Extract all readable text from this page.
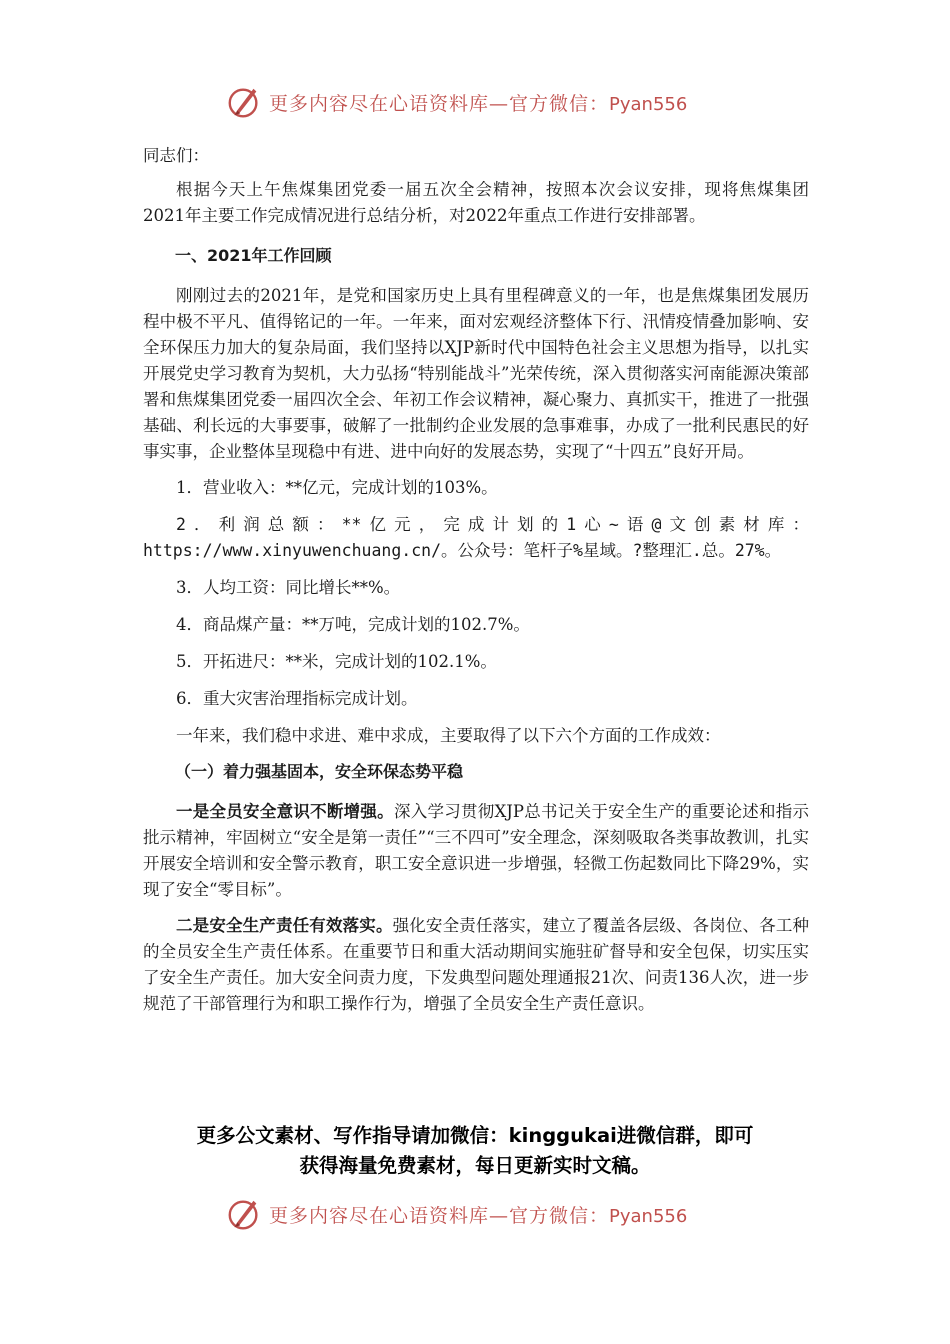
更多内容尽在心语资料库—官方微信：Pyan556

同志们：

根据今天上午焦煤集团党委一届五次全会精神，按照本次会议安排，现将焦煤集团2021年主要工作完成情况进行总结分析，对2022年重点工作进行安排部署。

一、2021年工作回顾

刚刚过去的2021年，是党和国家历史上具有里程碑意义的一年，也是焦煤集团发展历程中极不平凡、值得铭记的一年。一年来，面对宏观经济整体下行、汛情疫情叠加影响、安全环保压力加大的复杂局面，我们坚持以XJP新时代中国特色社会主义思想为指导，以扎实开展党史学习教育为契机，大力弘扬“特别能战斗”光荣传统，深入贯彻落实河南能源决策部署和焦煤集团党委一届四次全会、年初工作会议精神，凝心聚力、真抓实干，推进了一批强基础、利长远的大事要事，破解了一批制约企业发展的急事难事，办成了一批利民惠民的好事实事，企业整体呈现稳中有进、进中向好的发展态势，实现了“十四五”良好开局。

1．营业收入：**亿元，完成计划的103%。

2．利润总额：**亿元，完成计划的1心~语@文创素材库：https://www.xinyuwenchuang.cn/。公众号：笔杆子%星域。?整理汇.总。27%。

3．人均工资：同比增长**%。

4．商品煤产量：**万吨，完成计划的102.7%。

5．开拓进尺：**米，完成计划的102.1%。

6．重大灾害治理指标完成计划。

一年来，我们稳中求进、难中求成，主要取得了以下六个方面的工作成效：

（一）着力强基固本，安全环保态势平稳

一是全员安全意识不断增强。深入学习贯彻XJP总书记关于安全生产的重要论述和指示批示精神，牢固树立“安全是第一责任”“三不四可”安全理念，深刻吸取各类事故教训，扎实开展安全培训和安全警示教育，职工安全意识进一步增强，轻微工伤起数同比下降29%，实现了安全“零目标”。

二是安全生产责任有效落实。强化安全责任落实，建立了覆盖各层级、各岗位、各工种的全员安全生产责任体系。在重要节日和重大活动期间实施驻矿督导和安全包保，切实压实了安全生产责任。加大安全问责力度，下发典型问题处理通报21次、问责136人次，进一步规范了干部管理行为和职工操作行为，增强了全员安全生产责任意识。

更多公文素材、写作指导请加微信：kinggukai进微信群，即可
获得海量免费素材，每日更新实时文稿。
更多内容尽在心语资料库—官方微信：Pyan556
